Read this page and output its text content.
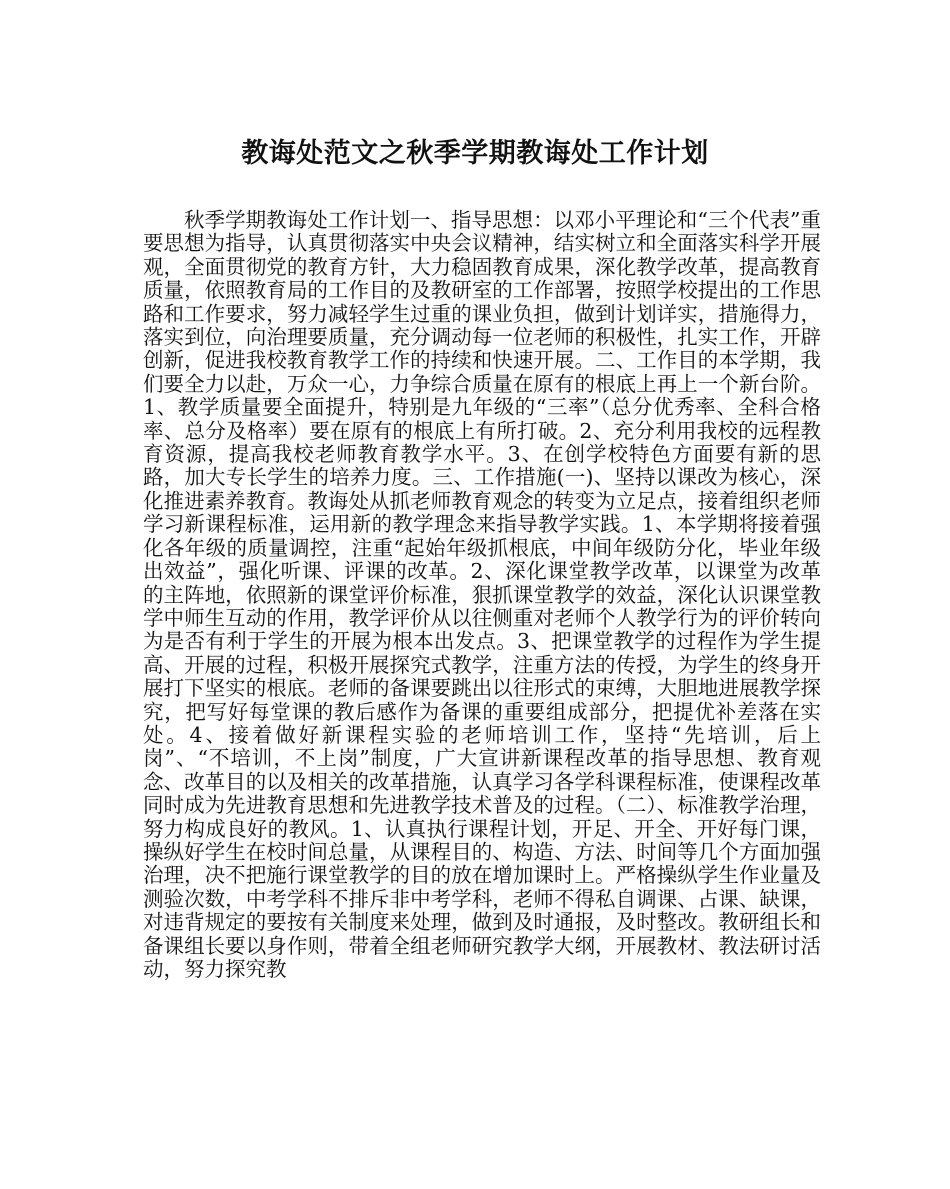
教诲处范文之秋季学期教诲处工作计划

秋季学期教诲处工作计划一、指导思想：以邓小平理论和“三个代表”重要思想为指导，认真贯彻落实中央会议精神，结实树立和全面落实科学开展观，全面贯彻党的教育方针，大力稳固教育成果，深化教学改革，提高教育质量，依照教育局的工作目的及教研室的工作部署，按照学校提出的工作思路和工作要求，努力减轻学生过重的课业负担，做到计划详实，措施得力，落实到位，向治理要质量，充分调动每一位老师的积极性，扎实工作，开辟创新，促进我校教育教学工作的持续和快速开展。二、工作目的本学期，我们要全力以赴，万众一心，力争综合质量在原有的根底上再上一个新台阶。1、教学质量要全面提升，特别是九年级的“三率”（总分优秀率、全科合格率、总分及格率）要在原有的根底上有所打破。2、充分利用我校的远程教育资源，提高我校老师教育教学水平。3、在创学校特色方面要有新的思路，加大专长学生的培养力度。三、工作措施(一)、坚持以课改为核心，深化推进素养教育。教诲处从抓老师教育观念的转变为立足点，接着组织老师学习新课程标准，运用新的教学理念来指导教学实践。1、本学期将接着强化各年级的质量调控，注重“起始年级抓根底，中间年级防分化，毕业年级出效益”，强化听课、评课的改革。2、深化课堂教学改革，以课堂为改革的主阵地，依照新的课堂评价标准，狠抓课堂教学的效益，深化认识课堂教学中师生互动的作用，教学评价从以往侧重对老师个人教学行为的评价转向为是否有利于学生的开展为根本出发点。3、把课堂教学的过程作为学生提高、开展的过程，积极开展探究式教学，注重方法的传授，为学生的终身开展打下坚实的根底。老师的备课要跳出以往形式的束缚，大胆地进展教学探究，把写好每堂课的教后感作为备课的重要组成部分，把提优补差落在实处。4、接着做好新课程实验的老师培训工作，坚持“先培训，后上岗”、“不培训，不上岗”制度，广大宣讲新课程改革的指导思想、教育观念、改革目的以及相关的改革措施，认真学习各学科课程标准，使课程改革同时成为先进教育思想和先进教学技术普及的过程。（二）、标准教学治理，努力构成良好的教风。1、认真执行课程计划，开足、开全、开好每门课，操纵好学生在校时间总量，从课程目的、构造、方法、时间等几个方面加强治理，决不把施行课堂教学的目的放在增加课时上。严格操纵学生作业量及测验次数，中考学科不排斥非中考学科，老师不得私自调课、占课、缺课，对违背规定的要按有关制度来处理，做到及时通报，及时整改。教研组长和备课组长要以身作则，带着全组老师研究教学大纲，开展教材、教法研讨活动，努力探究教
